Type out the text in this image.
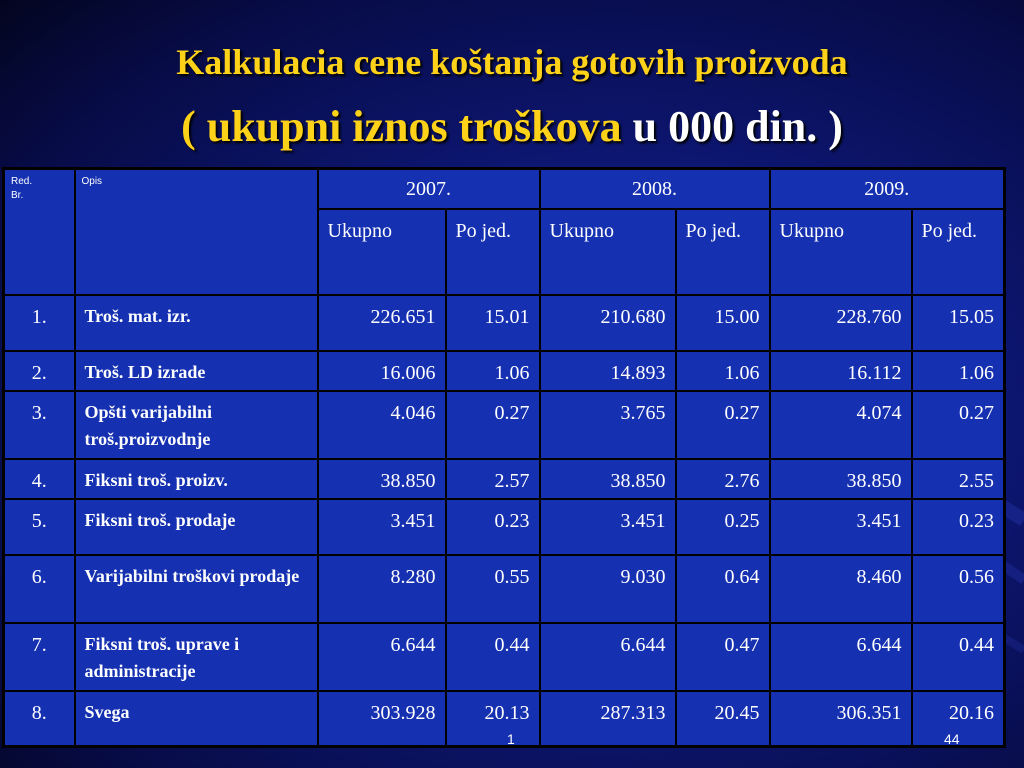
Kalkulacia cene koštanja gotovih proizvoda
( ukupni iznos troškova u 000 din. )
Red.
Br.	Opis	2007.		2008.		2009.	
		Ukupno	Po jed.	Ukupno	Po jed.	Ukupno	Po jed.
1.	Troš. mat. izr.	226.651	15.01	210.680	15.00	228.760	15.05
2.	Troš. LD izrade	16.006	1.06	14.893	1.06	16.112	1.06
3.	Opšti varijabilni troš.proizvodnje	4.046	0.27	3.765	0.27	4.074	0.27
4.	Fiksni troš. proizv.	38.850	2.57	38.850	2.76	38.850	2.55
5.	Fiksni troš. prodaje	3.451	0.23	3.451	0.25	3.451	0.23
6.	Varijabilni troškovi prodaje	8.280	0.55	9.030	0.64	8.460	0.56
7.	Fiksni troš. uprave i administracije	6.644	0.44	6.644	0.47	6.644	0.44
8.	Svega	303.928	20.13	287.313	20.45	306.351	20.16
1	44
